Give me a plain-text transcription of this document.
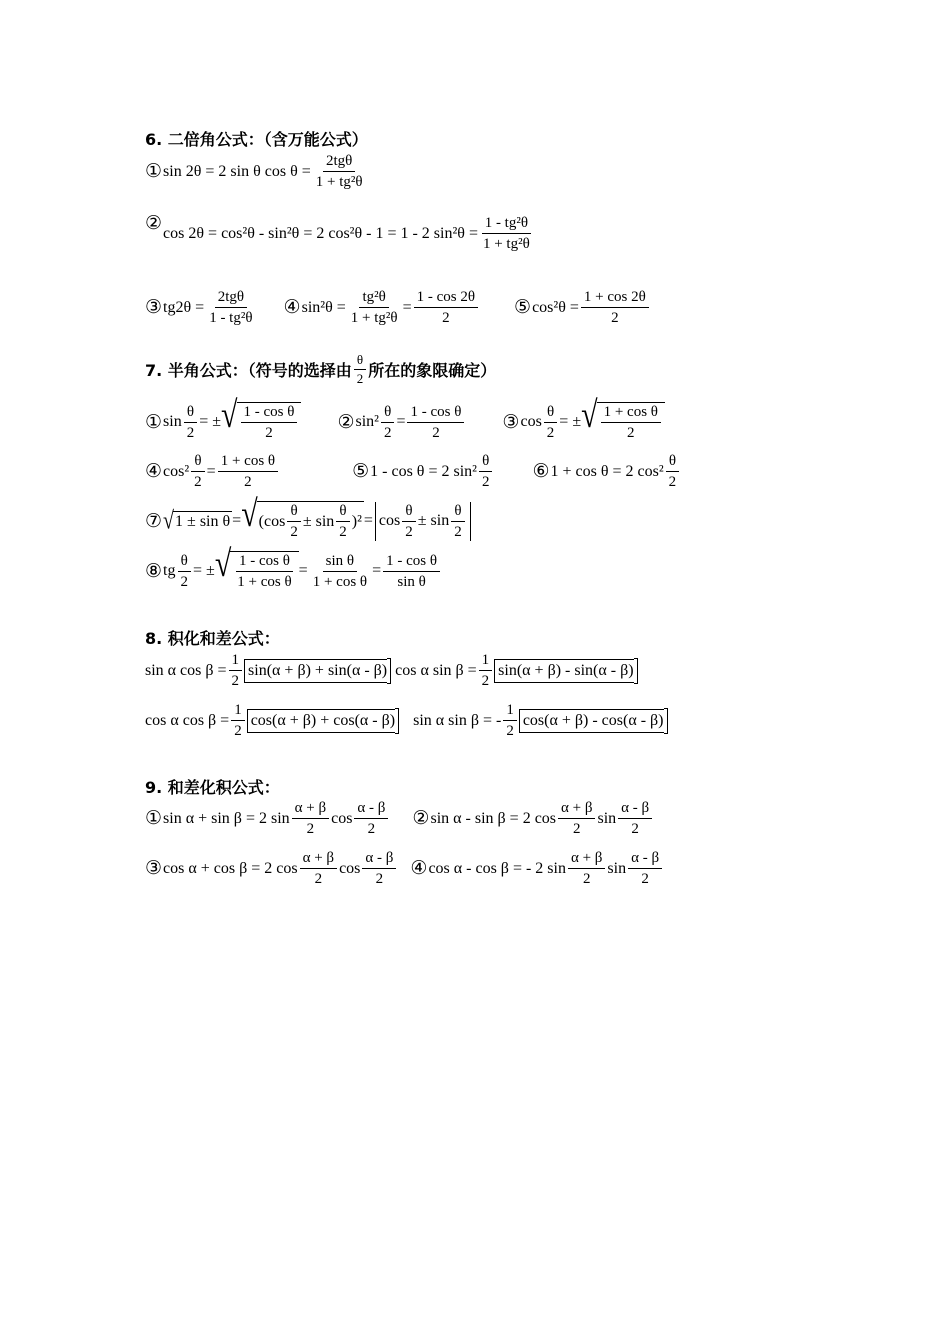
6. 二倍角公式：（含万能公式）
① sin 2θ = 2 sin θ $\cos \theta = \frac{\text{2tgθ}}{\text{1 + tg²θ}}$
② cos 2θ = cos²θ - sin²θ = 2 cos²θ - 1 = 1 - 2 $\sin^2\theta = \frac{\text{1 - tg²θ}}{\text{1 + tg²θ}}$
③ $tg2\theta = \frac{\text{2tgθ}}{\text{1 - tg²θ}}$ ④ $\sin^2\theta = \frac{\text{tg²θ}}{\text{1 + tg²θ}} = \frac{1 - \cos 2\theta}{2}$ ⑤ $\cos^2\theta = \frac{1 + \cos 2\theta}{2}$
7. 半角公式：（符号的选择由 $\frac{\theta}{2}$ 所在的象限确定）
① $\sin \frac{\theta}{2}$ = ± √ $\frac{\text{1 - cos θ}}{2}$ ② $\sin^2 \frac{\theta}{2} = \frac{\text{1 - cos θ}}{2}$ ③ $\cos \frac{\theta}{2}$ = ± √ $\frac{\text{1 + cos θ}}{2}$
④ $\cos^2 \frac{\theta}{2} = \frac{\text{1 + cos θ}}{2}$	⑤ 1 - cos θ = 2 $\sin^2 \frac{\theta}{2}$ ⑥ 1 + cos θ = 2 $\cos^2 \frac{\theta}{2}$
⑦ √ 1 ± sin θ = √ $(\cos \frac{\theta}{2} \pm \sin \frac{\theta}{2} )^2 = \cos \frac{\theta}{2} \pm \sin \frac{\theta}{2}$
⑧ tg $\frac{\theta}{2}$ = ± √ $\frac{\text{1 - cos θ}}{\text{1 + cos θ}} = \frac{\text{sin θ}}{\text{1 + cos θ}} = \frac{\text{1 - cos θ}}{\text{sin θ}}$
8. 积化和差公式：
sin α $\cos \beta = \frac{1}{2} \sin(\alpha + \beta) + \sin(\alpha - \beta)$ cos α $\sin \beta = \frac{1}{2} \sin(\alpha + \beta) - \sin(\alpha - \beta)$
cos α $\cos \beta = \frac{1}{2} \cos(\alpha + \beta) + \cos(\alpha - \beta)$ sin α sin β = - $\frac{1}{2} \cos(\alpha + \beta) - \cos(\alpha - \beta)$
9. 和差化积公式：
① sin α + sin β = 2 $\sin \frac{\alpha + \beta}{2}$ $\cos \frac{\alpha - \beta}{2}$ ② sin α - sin β = 2 $\cos \frac{\alpha + \beta}{2}$ $\sin \frac{\alpha - \beta}{2}$
③ cos α + cos β = 2 $\cos \frac{\alpha + \beta}{2}$ $\cos \frac{\alpha - \beta}{2}$ ④ cos α - cos β = - 2 $\sin \frac{\alpha + \beta}{2}$ $\sin \frac{\alpha - \beta}{2}$
